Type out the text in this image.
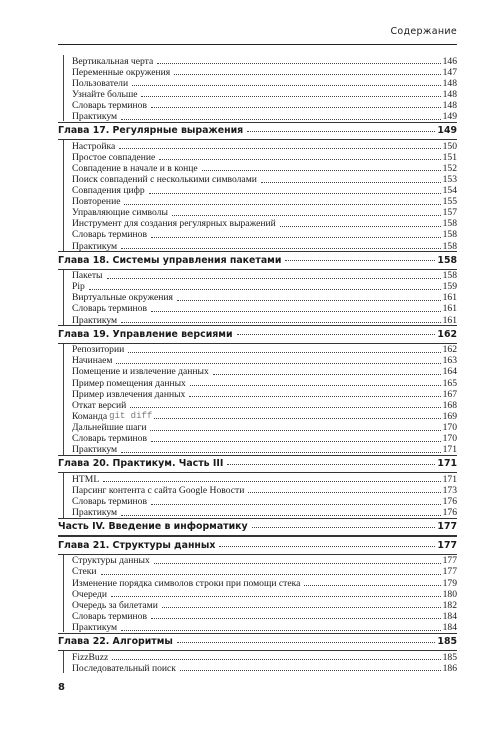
Содержание
Вертикальная черта	146
Переменные окружения	147
Пользователи	148
Узнайте больше	148
Словарь терминов	148
Практикум	149
Глава 17. Регулярные выражения	149
Настройка	150
Простое совпадение	151
Совпадение в начале и в конце	152
Поиск совпадений с несколькими символами	153
Совпадения цифр	154
Повторение	155
Управляющие символы	157
Инструмент для создания регулярных выражений	158
Словарь терминов	158
Практикум	158
Глава 18. Системы управления пакетами	158
Пакеты	158
Pip	159
Виртуальные окружения	161
Словарь терминов	161
Практикум	161
Глава 19. Управление версиями	162
Репозитории	162
Начинаем	163
Помещение и извлечение данных	164
Пример помещения данных	165
Пример извлечения данных	167
Откат версий	168
Команда git diff	169
Дальнейшие шаги	170
Словарь терминов	170
Практикум	171
Глава 20. Практикум. Часть III	171
HTML	171
Парсинг контента с сайта Google Новости	173
Словарь терминов	176
Практикум	176
Часть IV. Введение в информатику	177
Глава 21. Структуры данных	177
Структуры данных	177
Стеки	177
Изменение порядка символов строки при помощи стека	179
Очереди	180
Очередь за билетами	182
Словарь терминов	184
Практикум	184
Глава 22. Алгоритмы	185
FizzBuzz	185
Последовательный поиск	186
8
